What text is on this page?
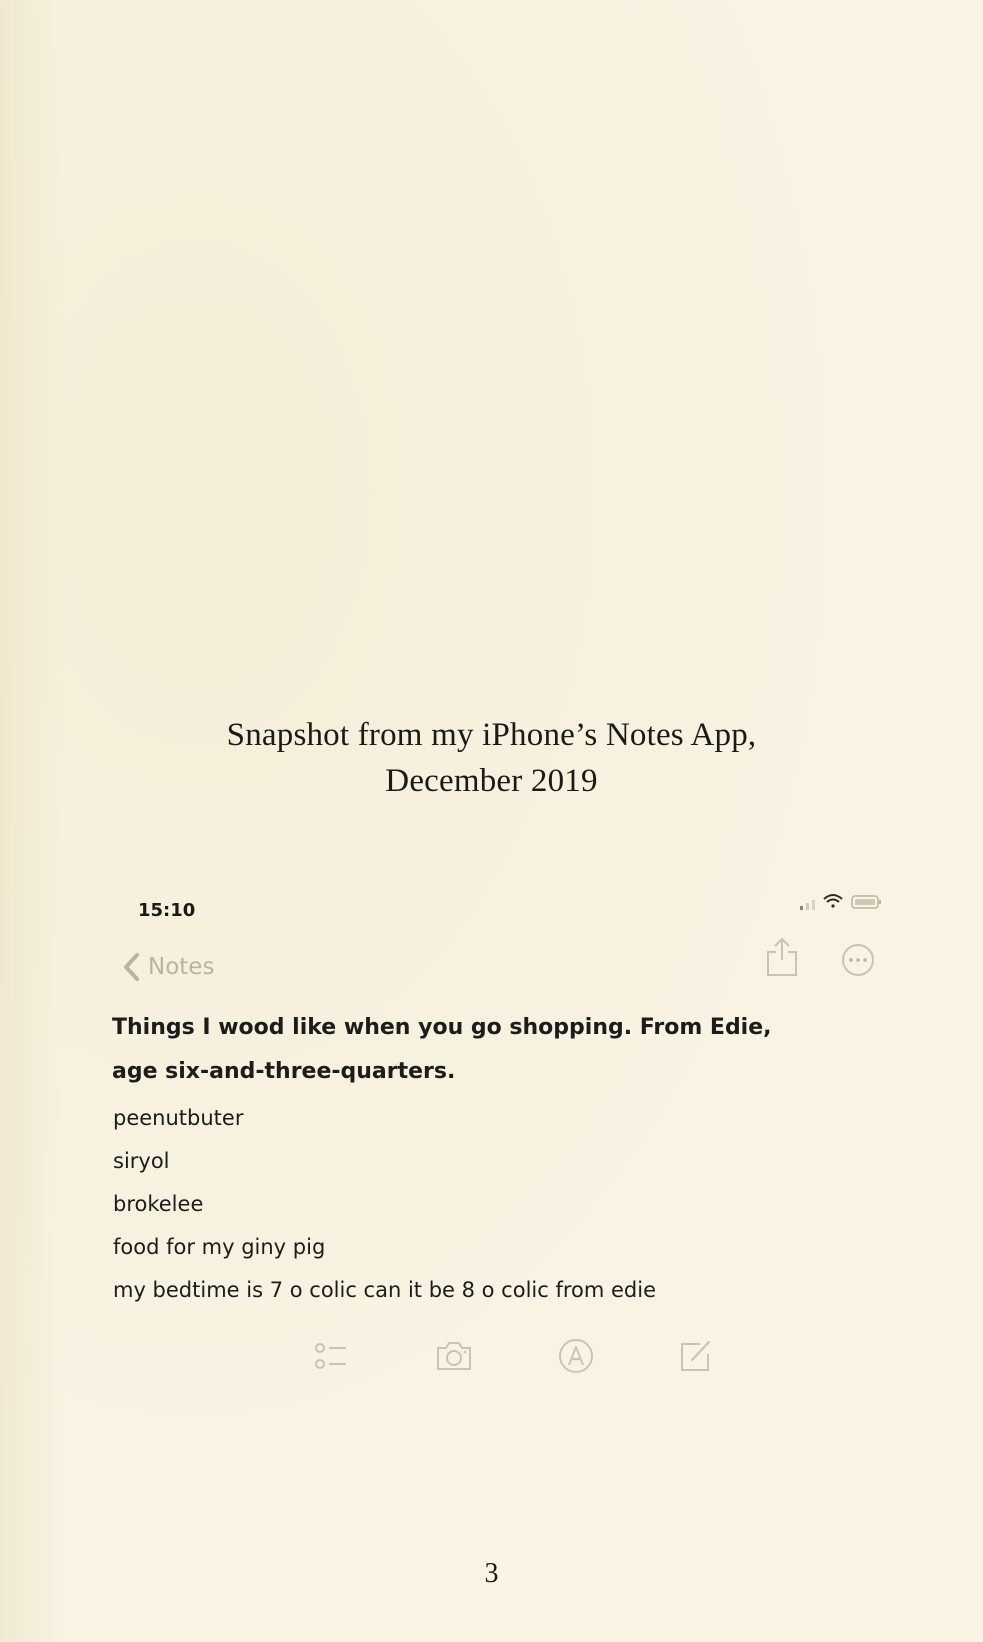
Snapshot from my iPhone’s Notes App,
December 2019
15:10
Notes
Things I wood like when you go shopping. From Edie, age six-and-three-quarters.
peenutbuter
siryol
brokelee
food for my giny pig
my bedtime is 7 o colic can it be 8 o colic from edie
3
